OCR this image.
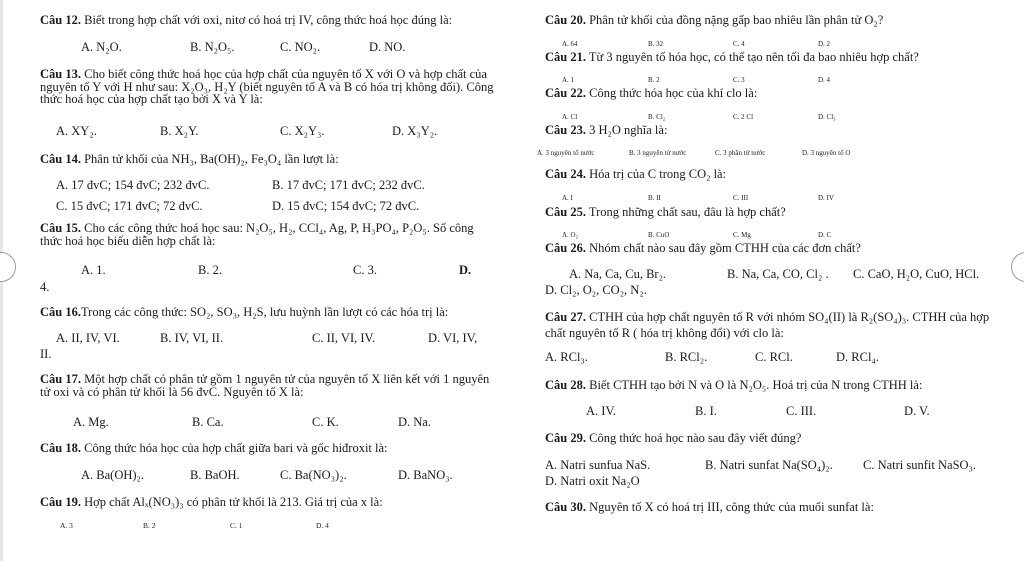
Câu 12. Biết trong hợp chất với oxi, nitơ có hoá trị IV, công thức hoá học đúng là:
A. N₂O.	B. N₂O₅.	C. NO₂.	D. NO.
Câu 13. Cho biết công thức hoá học của hợp chất của nguyên tố X với O và hợp chất của nguyên tố Y với H như sau: X₂O₃, H₂Y (biết nguyên tố A và B có hóa trị không đổi). Công thức hoá học của hợp chất tạo bởi X và Y là:
A. XY₂.	B. X₂Y.	C. X₂Y₃.	D. X₃Y₂.
Câu 14. Phân tử khối của NH₃, Ba(OH)₂, Fe₃O₄ lần lượt là:
A. 17 đvC; 154 đvC; 232 đvC.	B. 17 đvC; 171 đvC; 232 đvC.
C. 15 đvC; 171 đvC; 72 đvC.	D. 15 đvC; 154 đvC; 72 đvC.
Câu 15. Cho các công thức hoá học sau: N₂O₅, H₂, CCl₄, Ag, P, H₃PO₄, P₂O₅. Số công thức hoá học biểu diễn hợp chất là:
A. 1.	B. 2.	C. 3.	D.
4.
Câu 16.Trong các công thức: SO₂, SO₃, H₂S, lưu huỳnh lần lượt có các hóa trị là:
A. II, IV, VI.	B. IV, VI, II.	C. II, VI, IV.	D. VI, IV,
II.
Câu 17. Một hợp chất có phân tử gồm 1 nguyên tử của nguyên tố X liên kết với 1 nguyên tử oxi và có phân tử khối là 56 đvC. Nguyên tố X là:
A. Mg.	B. Ca.	C. K.	D. Na.
Câu 18. Công thức hóa học của hợp chất giữa bari và gốc hiđroxit là:
A. Ba(OH)₂.	B. BaOH.	C. Ba(NO₃)₂.	D. BaNO₃.
Câu 19. Hợp chất Alₓ(NO₃)₃ có phân tử khối là 213. Giá trị của x là:
A. 3	B. 2	C. 1	D. 4
Câu 20. Phân tử khối của đồng nặng gấp bao nhiêu lần phân tử O₂?
A. 64	B. 32	C. 4	D. 2
Câu 21. Từ 3 nguyên tố hóa học, có thể tạo nên tối đa bao nhiêu hợp chất?
A. 1	B. 2	C. 3	D. 4
Câu 22. Công thức hóa học của khí clo là:
A. Cl	B. Cl₂	C. 2 Cl	D. Cl₃
Câu 23. 3 H₂O nghĩa là:
A. 3 nguyên tố nước	B. 3 nguyên tử nước	C. 3 phân tử nước	D. 3 nguyên tố O
Câu 24. Hóa trị của C trong CO₂ là:
A. I	B. II	C. III	D. IV
Câu 25. Trong những chất sau, đâu là hợp chất?
A. O₂	B. CuO	C. Mg	D. C
Câu 26. Nhóm chất nào sau đây gồm CTHH của các đơn chất?
A. Na, Ca, Cu, Br₂.	B. Na, Ca, CO, Cl₂ . C. CaO, H₂O, CuO, HCl.
D. Cl₂, O₂, CO₂, N₂.
Câu 27. CTHH của hợp chất nguyên tố R với nhóm SO₄(II) là R₂(SO₄)₃. CTHH của hợp chất nguyên tố R ( hóa trị không đổi) với clo là:
A. RCl₃.	B. RCl₂.	C. RCl.	D. RCl₄.
Câu 28. Biết CTHH tạo bởi N và O là N₂O₅. Hoá trị của N trong CTHH là:
A. IV.	B. I.	C. III.	D. V.
Câu 29. Công thức hoá học nào sau đây viết đúng?
A. Natri sunfua NaS.	B. Natri sunfat Na(SO₄)₂. C. Natri sunfit NaSO₃.
D. Natri oxit Na₂O
Câu 30. Nguyên tố X có hoá trị III, công thức của muối sunfat là:
